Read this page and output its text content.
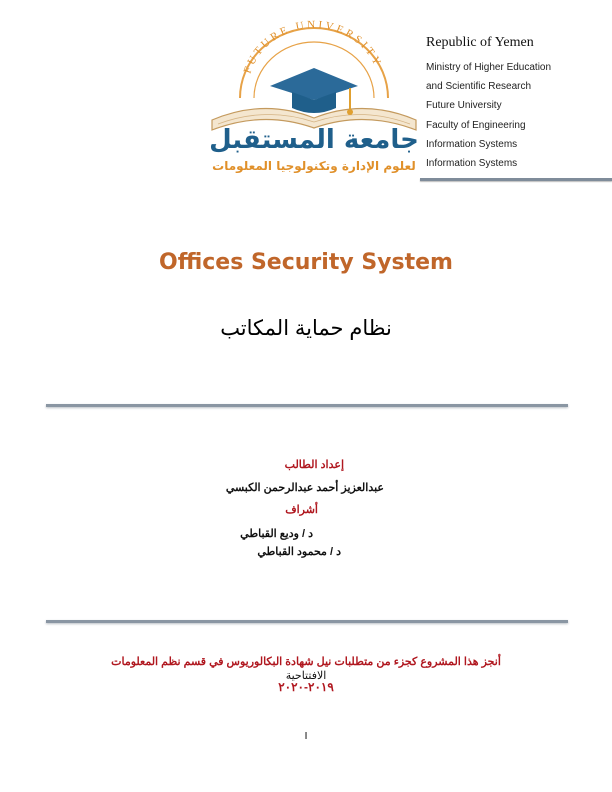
FUTURE UNIVERSITY
جامعة المستقبل
لعلوم الإدارة وتكنولوجيا المعلومات
Republic of Yemen
Ministry of Higher Education
and Scientific Research
Future University
Faculty of Engineering
Information Systems
Information Systems
Offices Security System
نظام حماية المكاتب
إعداد الطالب
عبدالعزيز أحمد عبدالرحمن الكبسي
أشراف
د / وديع القباطي
د / محمود القباطي
أنجز هذا المشروع كجزء من متطلبات نيل شهادة البكالوريوس في قسم نظم المعلومات
الافتتاحية
٢٠١٩-٢٠٢٠
I
